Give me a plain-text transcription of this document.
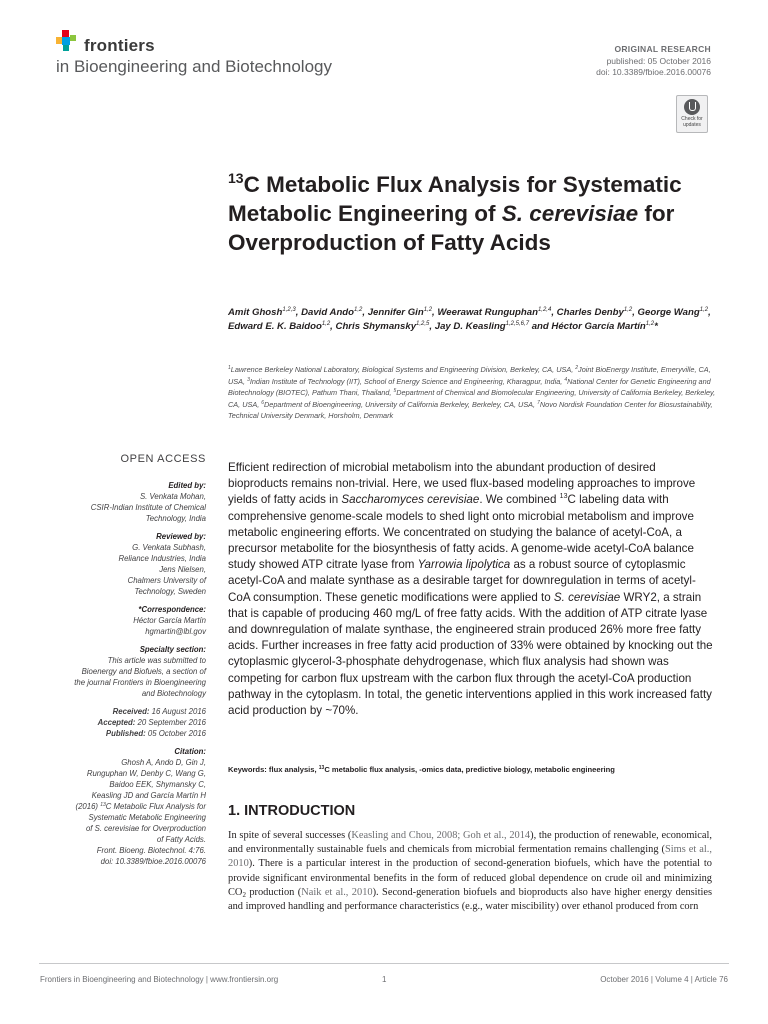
frontiers
in Bioengineering and Biotechnology
ORIGINAL RESEARCH
published: 05 October 2016
doi: 10.3389/fbioe.2016.00076
Check for updates
$^{13}$C Metabolic Flux Analysis for Systematic Metabolic Engineering of S. cerevisiae for Overproduction of Fatty Acids
Amit Ghosh$^{1,2,3}$, David Ando$^{1,2}$, Jennifer Gin$^{1,2}$, Weerawat Runguphan$^{1,2,4}$, Charles Denby$^{1,2}$, George Wang$^{1,2}$, Edward E. K. Baidoo$^{1,2}$, Chris Shymansky$^{1,2,5}$, Jay D. Keasling$^{1,2,5,6,7}$ and Héctor García Martín$^{1,2}$*
$^1$Lawrence Berkeley National Laboratory, Biological Systems and Engineering Division, Berkeley, CA, USA, $^2$Joint BioEnergy Institute, Emeryville, CA, USA, $^3$Indian Institute of Technology (IIT), School of Energy Science and Engineering, Kharagpur, India, $^4$National Center for Genetic Engineering and Biotechnology (BIOTEC), Pathum Thani, Thailand, $^5$Department of Chemical and Biomolecular Engineering, University of California Berkeley, Berkeley, CA, USA, $^6$Department of Bioengineering, University of California Berkeley, Berkeley, CA, USA, $^7$Novo Nordisk Foundation Center for Biosustainability, Technical University Denmark, Horsholm, Denmark
OPEN ACCESS
Edited by:
S. Venkata Mohan,
CSIR-Indian Institute of Chemical
Technology, India
Reviewed by:
G. Venkata Subhash,
Reliance Industries, India
Jens Nielsen,
Chalmers University of
Technology, Sweden
*Correspondence:
Héctor García Martín
hgmartin@lbl.gov
Specialty section:
This article was submitted to
Bioenergy and Biofuels, a section of
the journal Frontiers in Bioengineering
and Biotechnology
Received: 16 August 2016
Accepted: 20 September 2016
Published: 05 October 2016
Citation:
Ghosh A, Ando D, Gin J,
Runguphan W, Denby C, Wang G,
Baidoo EEK, Shymansky C,
Keasling JD and García Martín H
(2016) $^{13}$C Metabolic Flux Analysis for
Systematic Metabolic Engineering
of S. cerevisiae for Overproduction
of Fatty Acids.
Front. Bioeng. Biotechnol. 4:76.
doi: 10.3389/fbioe.2016.00076
Efficient redirection of microbial metabolism into the abundant production of desired bioproducts remains non-trivial. Here, we used flux-based modeling approaches to improve yields of fatty acids in Saccharomyces cerevisiae. We combined $^{13}$C labeling data with comprehensive genome-scale models to shed light onto microbial metabolism and improve metabolic engineering efforts. We concentrated on studying the balance of acetyl-CoA, a precursor metabolite for the biosynthesis of fatty acids. A genome-wide acetyl-CoA balance study showed ATP citrate lyase from Yarrowia lipolytica as a robust source of cytoplasmic acetyl-CoA and malate synthase as a desirable target for downregulation in terms of acetyl-CoA consumption. These genetic modifications were applied to S. cerevisiae WRY2, a strain that is capable of producing 460 mg/L of free fatty acids. With the addition of ATP citrate lyase and downregulation of malate synthase, the engineered strain produced 26% more free fatty acids. Further increases in free fatty acid production of 33% were obtained by knocking out the cytoplasmic glycerol-3-phosphate dehydrogenase, which flux analysis had shown was competing for carbon flux upstream with the carbon flux through the acetyl-CoA production pathway in the cytoplasm. In total, the genetic interventions applied in this work increased fatty acid production by ~70%.
Keywords: flux analysis, $^{13}$C metabolic flux analysis, -omics data, predictive biology, metabolic engineering
1. INTRODUCTION
In spite of several successes (Keasling and Chou, 2008; Goh et al., 2014), the production of renewable, economical, and environmentally sustainable fuels and chemicals from microbial fermentation remains challenging (Sims et al., 2010). There is a particular interest in the production of second-generation biofuels, which have the potential to provide significant environmental benefits in the form of reduced global dependence on crude oil and minimizing $CO_2$ production (Naik et al., 2010). Second-generation biofuels and bioproducts also have higher energy densities and improved handling and performance characteristics (e.g., water miscibility) over ethanol produced from corn
Frontiers in Bioengineering and Biotechnology | www.frontiersin.org	1	October 2016 | Volume 4 | Article 76
